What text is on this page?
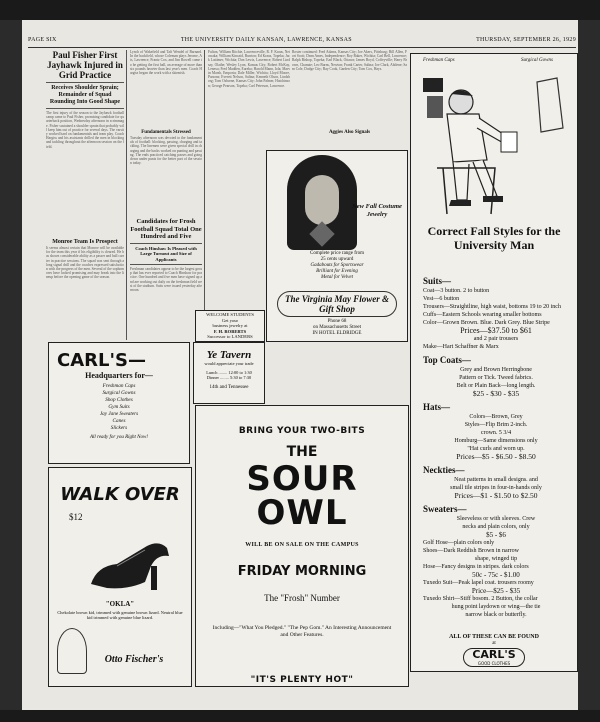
PAGE SIX	THE UNIVERSITY DAILY KANSAN, LAWRENCE, KANSAS	THURSDAY, SEPTEMBER 26, 1929
Paul Fisher First Jayhawk Injured in Grid Practice
Receives Shoulder Sprain; Remainder of Squad Rounding Into Good Shape
The first injury of the season to the Jayhawk football camp came to Paul Fisher, promising candidate for quarterback position, Wednesday afternoon in scrimmage. Fisher sustained a shoulder sprain that probably will keep him out of practice for several days. The varsity worked hard on fundamentals and team play. Coach Hargiss and his assistants drilled the men in blocking and tackling throughout the afternoon session on the field.
Monroe Team Is Prospect
It seems almost certain that Monroe will be available for the team this year if his eligibility is cleared. He has shown considerable ability as a passer and ball carrier in practice sessions. The squad was sent through a long signal drill and the coaches expressed satisfaction with the progress of the men. Several of the sophomores have looked promising and may break into the lineup before the opening game of the season.
Lynch of Wakefield and Taft Wendel of Barnard. In the backfield, whose Coleman plays Jerome, Ais, Lawrence, Frantz Cox, and Jim Rowell came to be getting the first ball, an average of more than six pounds heavier than last year's men. Coach Hargiss began the work with a skirmish.
Fundamentals Stressed
Tuesday afternoon was devoted to the fundamentals of football: blocking, passing, charging and tackling. The linemen were given special drill in charging and the backs worked on punting and passing. The ends practiced catching passes and going down under punts for the better part of the session today.
Candidates for Frosh Football Squad Total One Hundred and Five
Coach Hinshaw Is Pleased with Large Turnout and Size of Applicants
Freshman candidates appear to be the largest group that has ever reported to Coach Hinshaw for practice. One hundred and five men have signed up and are working out daily on the freshman field west of the stadium. Suits were issued yesterday afternoon.
Fulton, William Ritchie, Lawrenceville, R. F. Kraus, Netawaka; William Kincaid, Burrton; Ed Kraus, Topeka; Jack Lattimer, Wichita; Don Lewis, Lawrence; Robert Lindsay, Olathe; Wesley Lyon, Kansas City; Robert McKay, Lenexa; Fred Madden, Eureka; Harold Mann, Iola; Marvin Marsh, Emporia; Dale Miller, Wichita; Lloyd Moore, Parsons; Everett Nelson, Salina; Kenneth Olson, Lindsborg; Tom Osborne, Kansas City; John Palmer, Hutchinson; George Pearson, Topeka; Carl Peterson, Lawrence.
Roster continued: Fred Adams, Kansas City; Joe Akers, Pittsburg; Bill Allen, Fort Scott; Dean Ames, Independence; Roy Baker, Wichita; Carl Bell, Lawrence; Ralph Bishop, Topeka; Earl Black, Ottawa; James Boyd, Coffeyville; Harry Brown, Chanute; Leo Burns, Newton; Frank Carter, Salina; Joe Clark, Abilene; Sam Cole, Dodge City; Ray Cook, Garden City; Tom Cox, Hays.
Aggies Also Signals
New Fall Costume Jewelry
Complete price range from
25 cents upward
Gadabouts for Sportswear
Brilliant for Evening
Metal for Velvet
The Virginia May Flower & Gift Shop
Phone 68
on Massachusetts Street
IN HOTEL ELDRIDGE
WELCOME STUDENTS
Get your
business jewelry at
F. H. ROBERTS
Successor to LANDERS
CARL'S—
Headquarters for—
Freshman Caps
Surgical Gowns
Shop Clothes
Gym Suits
Jay Jane Sweaters
Canes
Slickers
All ready for you Right Now!
Ye Tavern
would appreciate your trade
Lunch ........ 12:00 to 1:30
Dinner ........ 5:30 to 7:30
14th and Tennessee
WALK OVER
$12
"OKLA"
Chekolate brown kid, trimmed with genuine brown lizard. Neutral blue kid trimmed with genuine blue lizard.
Otto Fischer's
BRING YOUR TWO-BITS
THE
SOUR OWL
WILL BE ON SALE ON THE CAMPUS
FRIDAY MORNING
The "Frosh" Number
Including—"What You Pledged." "The Pep Gom." An Interesting Announcement and Other Features.
"IT'S PLENTY HOT"
Freshman Caps	Surgical Gowns
Correct Fall Styles for the University Man
Suits—
Coat—3 button. 2 to button
Vest—6 button
Trousers—Straightline, high waist, bottoms 19 to 20 inch
Cuffs—Eastern Schools wearing smaller bottoms
Color—Grown Brown. Blue. Dark Grey. Blue Stripe
Prices—$37.50 to $61
and 2 pair trousers
Make—Hart Schaffner & Marx
Top Coats—
Grey and Brown Herringbone
Pattern or Tick. Tweed fabrics.
Belt or Plain Back—long length.
$25 - $30 - $35
Hats—
Colors—Brown, Grey
Styles—Flip Brim 2-inch.
crown. 5 3/4
Homburg—Same dimensions only
"Hat curls and worn up.
Prices—$5 - $6.50 - $8.50
Neckties—
Neat patterns in small designs. and
small tile stripes in four-in-hands only
Prices—$1 - $1.50 to $2.50
Sweaters—
Sleeveless or with sleeves. Crew
necks and plain colors, only
$5 - $6
Golf Hose—plain colors only
Shoes—Dark Reddish Brown in narrow
shape, winged tip
Hose—Fancy designs in stripes. dark colors
50c - 75c - $1.00
Tuxedo Suit—Peak lapel coat. trousers roomy
Price—$25 - $35
Tuxedo Shirt—Stiff bosom. 2 Button, the collar
hung point laydown or wing—the tie
narrow black or butterfly.
ALL OF THESE CAN BE FOUND
at
CARL'S
GOOD CLOTHES
